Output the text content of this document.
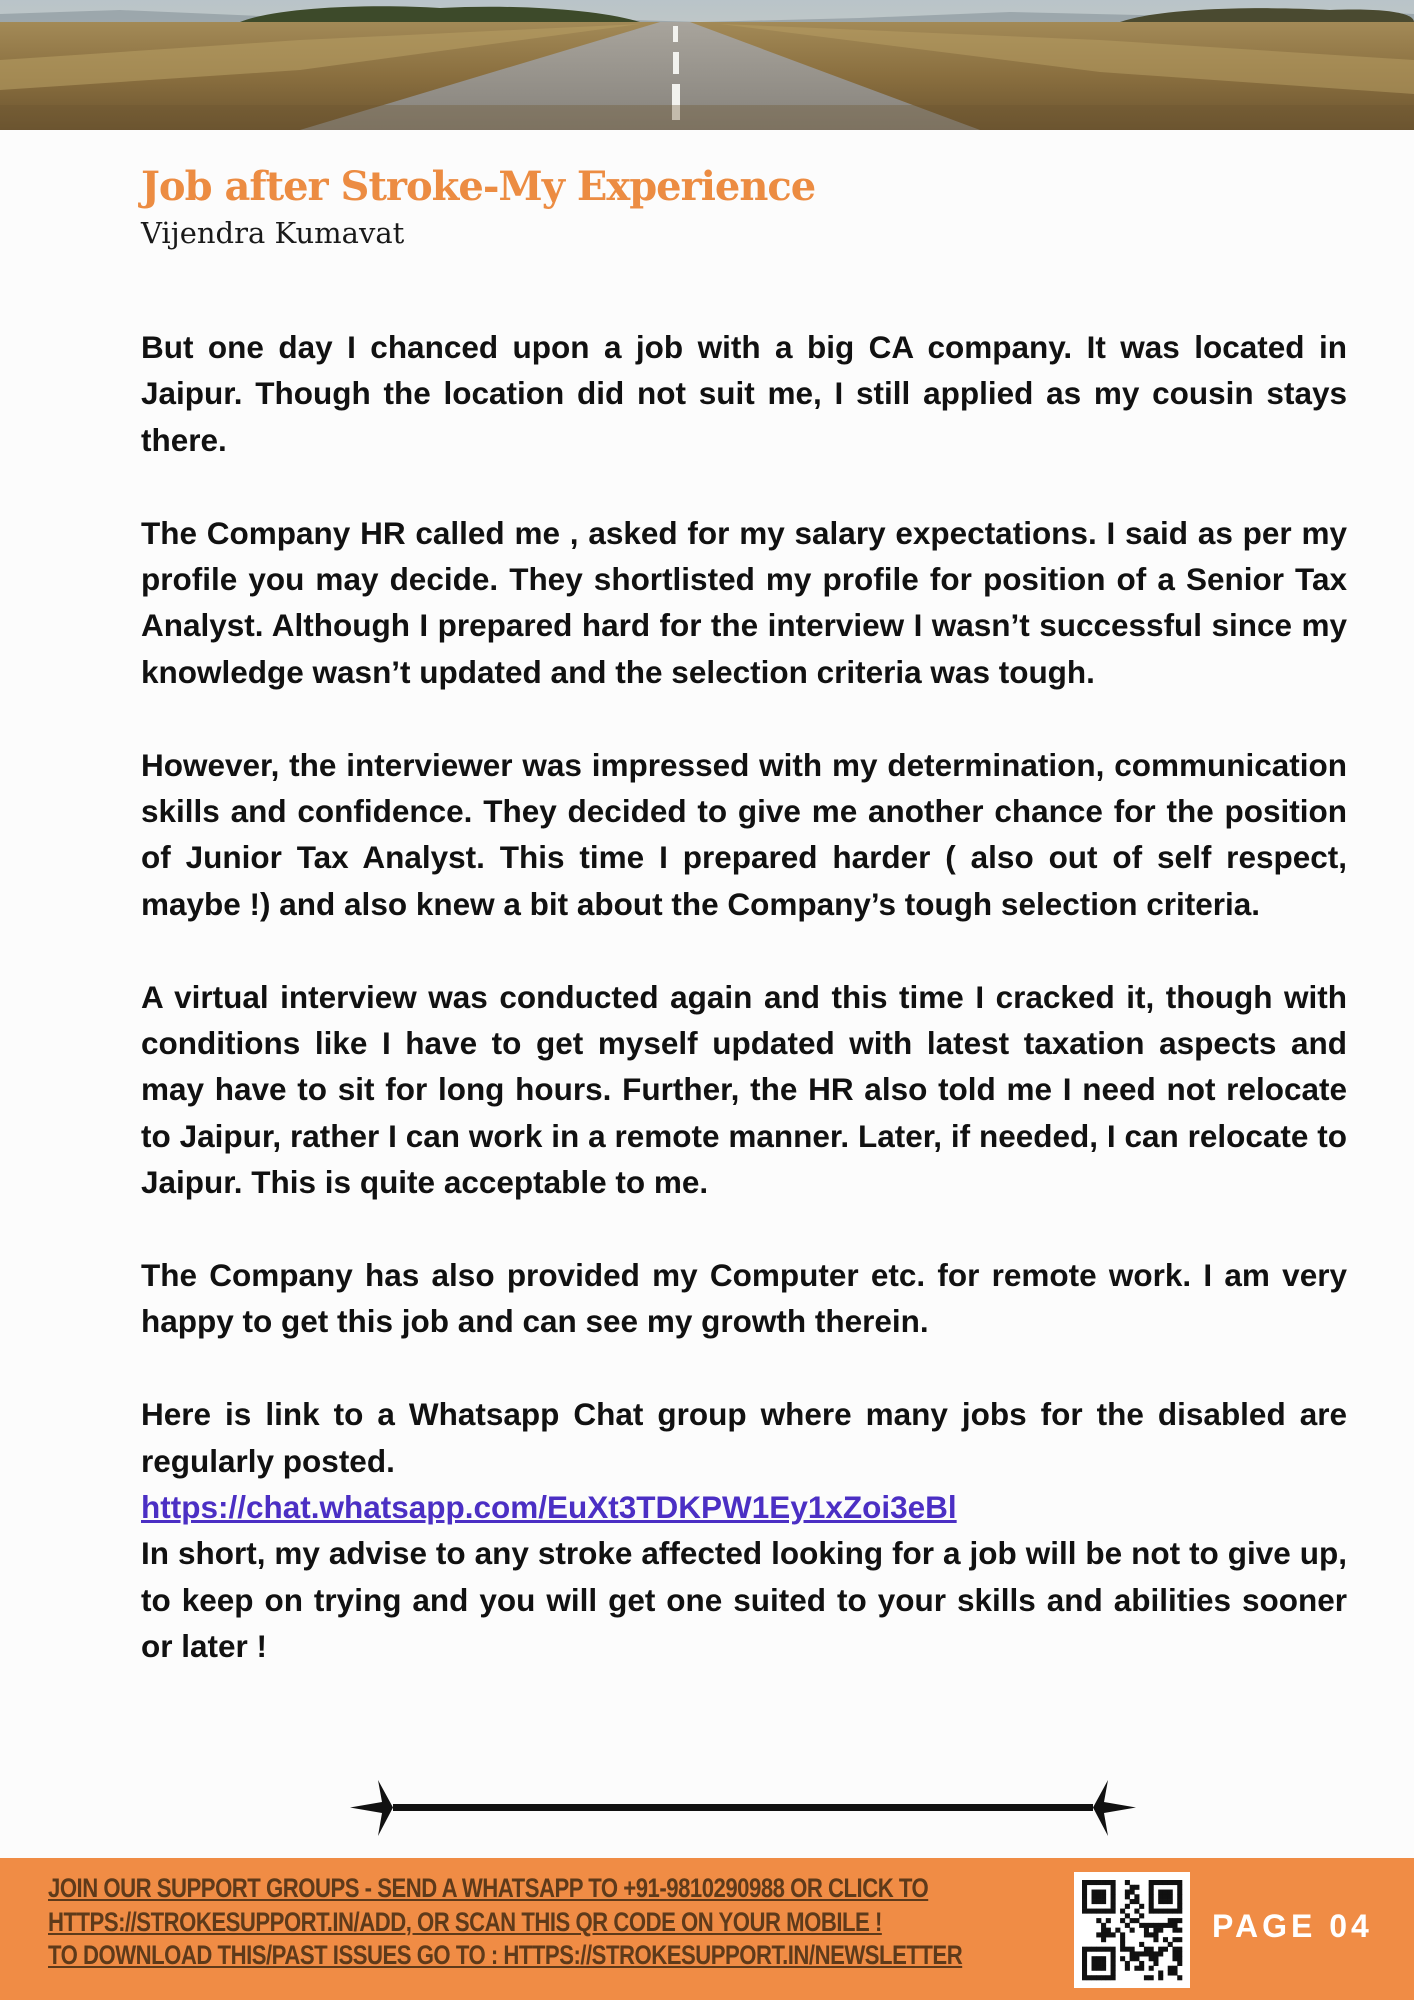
Job after Stroke-My Experience

Vijendra Kumavat

But one day I chanced upon a job with a big CA company. It was located in Jaipur. Though the location did not suit me, I still applied as my cousin stays there.

The Company HR called me , asked for my salary expectations. I said as per my profile you may decide. They shortlisted my profile for position of a Senior Tax Analyst. Although I prepared hard for the interview I wasn’t successful since my knowledge wasn’t updated and the selection criteria was tough.

However, the interviewer was impressed with my determination, communication skills and confidence. They decided to give me another chance for the position of Junior Tax Analyst. This time I prepared harder ( also out of self respect, maybe !) and also knew a bit about the Company’s tough selection criteria.

A virtual interview was conducted again and this time I cracked it, though with conditions like I have to get myself updated with latest taxation aspects and may have to sit for long hours. Further, the HR also told me I need not relocate to Jaipur, rather I can work in a remote manner. Later, if needed, I can relocate to Jaipur. This is quite acceptable to me.

The Company has also provided my Computer etc. for remote work. I am very happy to get this job and can see my growth therein.

Here is link to a Whatsapp Chat group where many jobs for the disabled are regularly posted.

https://chat.whatsapp.com/EuXt3TDKPW1Ey1xZoi3eBl

In short, my advise to any stroke affected looking for a job will be not to give up, to keep on trying and you will get one suited to your skills and abilities sooner or later !

JOIN OUR SUPPORT GROUPS - SEND A WHATSAPP TO +91-9810290988 OR CLICK TO
HTTPS://STROKESUPPORT.IN/ADD, OR SCAN THIS QR CODE ON YOUR MOBILE !
TO DOWNLOAD THIS/PAST ISSUES GO TO : HTTPS://STROKESUPPORT.IN/NEWSLETTER
PAGE 04
